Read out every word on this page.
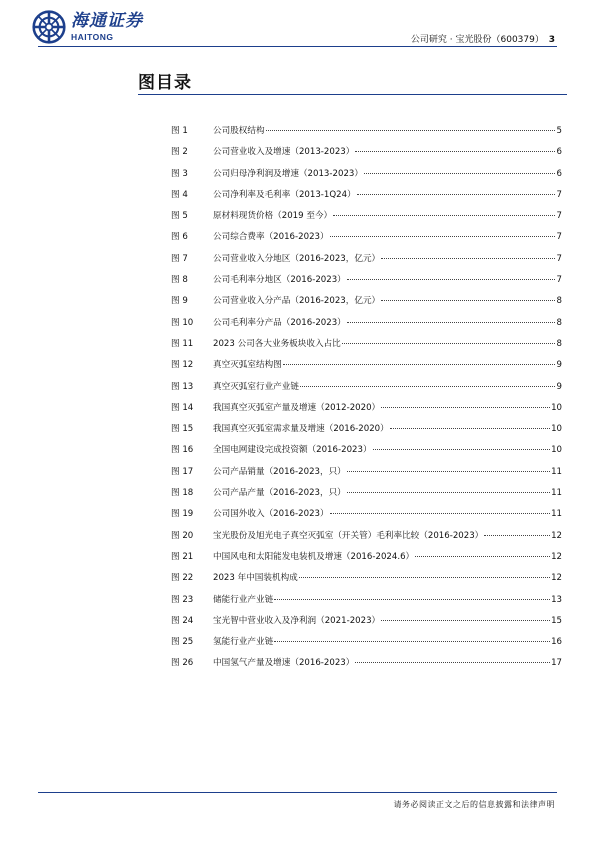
海通证券
HAITONG	公司研究 · 宝光股份（600379） 3
图目录
图 1	公司股权结构	5
图 2	公司营业收入及增速（2013-2023）	6
图 3	公司归母净利润及增速（2013-2023）	6
图 4	公司净利率及毛利率（2013-1Q24）	7
图 5	原材料现货价格（2019 至今）	7
图 6	公司综合费率（2016-2023）	7
图 7	公司营业收入分地区（2016-2023，亿元）	7
图 8	公司毛利率分地区（2016-2023）	7
图 9	公司营业收入分产品（2016-2023，亿元）	8
图 10	公司毛利率分产品（2016-2023）	8
图 11	2023 公司各大业务板块收入占比	8
图 12	真空灭弧室结构图	9
图 13	真空灭弧室行业产业链	9
图 14	我国真空灭弧室产量及增速（2012-2020）	10
图 15	我国真空灭弧室需求量及增速（2016-2020）	10
图 16	全国电网建设完成投资额（2016-2023）	10
图 17	公司产品销量（2016-2023，只）	11
图 18	公司产品产量（2016-2023，只）	11
图 19	公司国外收入（2016-2023）	11
图 20	宝光股份及旭光电子真空灭弧室（开关管）毛利率比较（2016-2023）	12
图 21	中国风电和太阳能发电装机及增速（2016-2024.6）	12
图 22	2023 年中国装机构成	12
图 23	储能行业产业链	13
图 24	宝光智中营业收入及净利润（2021-2023）	15
图 25	氢能行业产业链	16
图 26	中国氢气产量及增速（2016-2023）	17
请务必阅读正文之后的信息披露和法律声明
